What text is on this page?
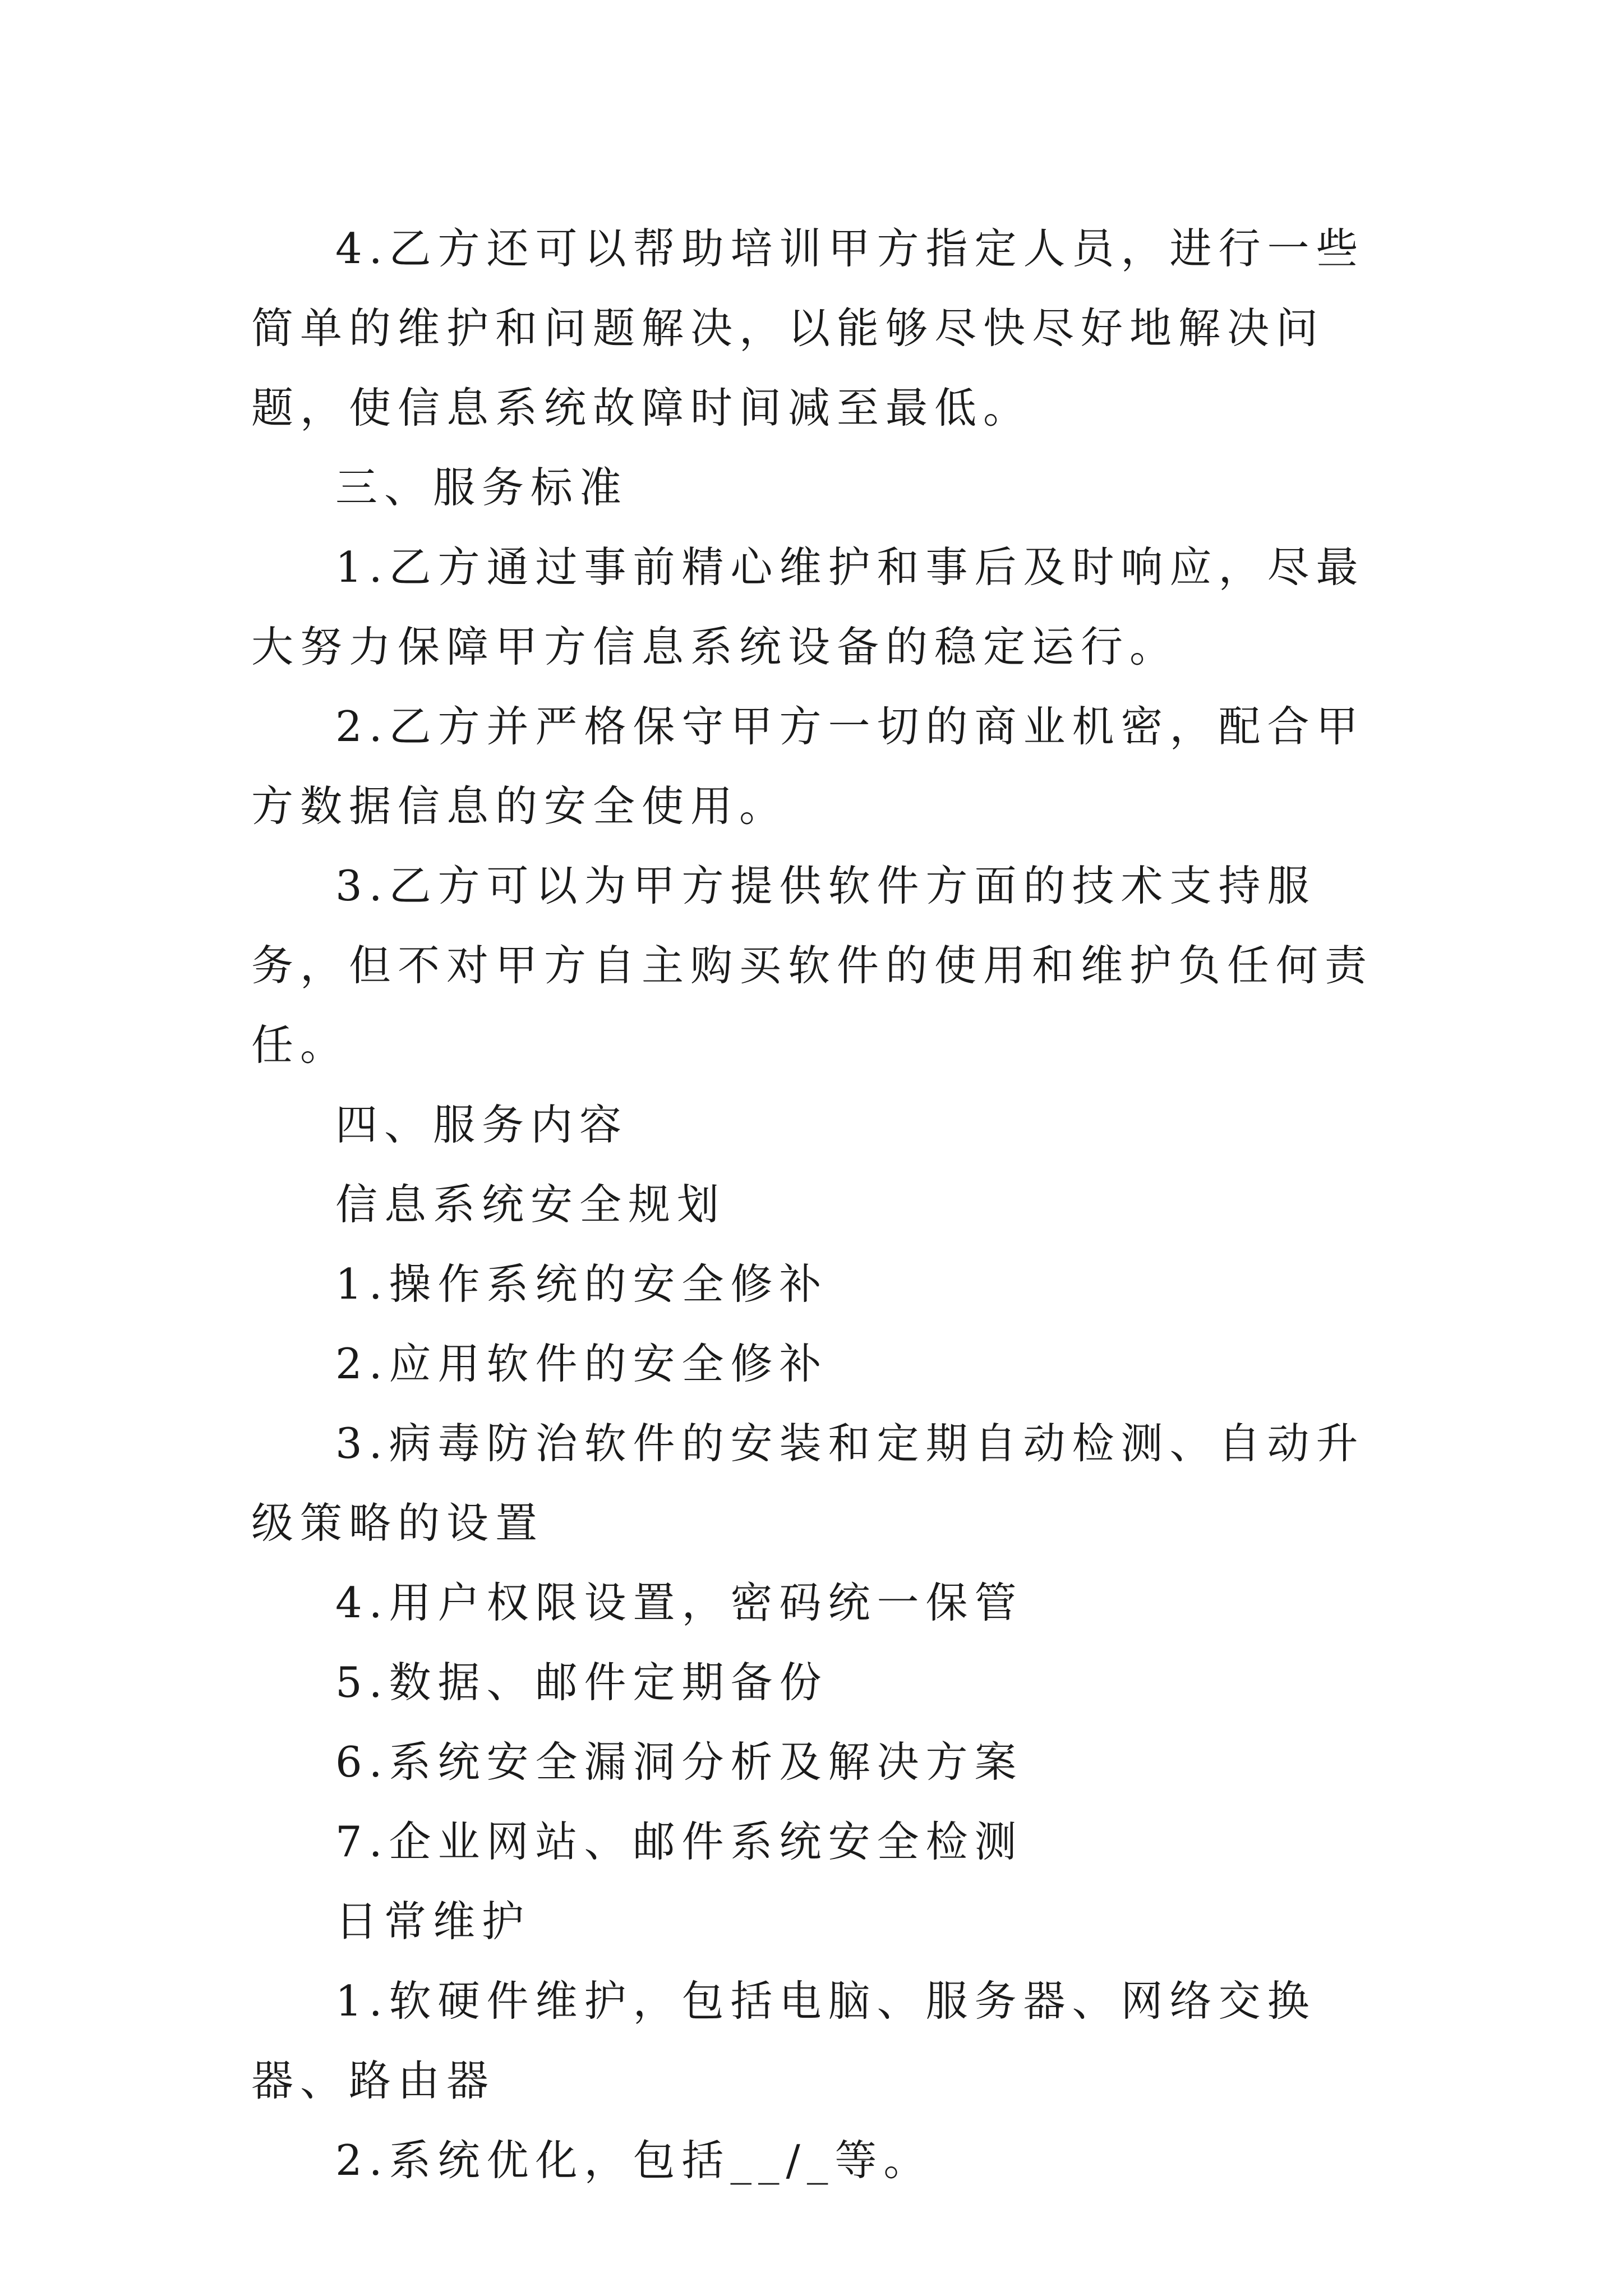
4.乙方还可以帮助培训甲方指定人员，进行一些简单的维护和问题解决，以能够尽快尽好地解决问题，使信息系统故障时间减至最低。

三、服务标准

1.乙方通过事前精心维护和事后及时响应，尽最大努力保障甲方信息系统设备的稳定运行。

2.乙方并严格保守甲方一切的商业机密，配合甲方数据信息的安全使用。

3.乙方可以为甲方提供软件方面的技术支持服务，但不对甲方自主购买软件的使用和维护负任何责任。

四、服务内容

信息系统安全规划

1.操作系统的安全修补

2.应用软件的安全修补

3.病毒防治软件的安装和定期自动检测、自动升级策略的设置

4.用户权限设置，密码统一保管

5.数据、邮件定期备份

6.系统安全漏洞分析及解决方案

7.企业网站、邮件系统安全检测

日常维护

1.软硬件维护，包括电脑、服务器、网络交换器、路由器

2.系统优化，包括__/_等。
